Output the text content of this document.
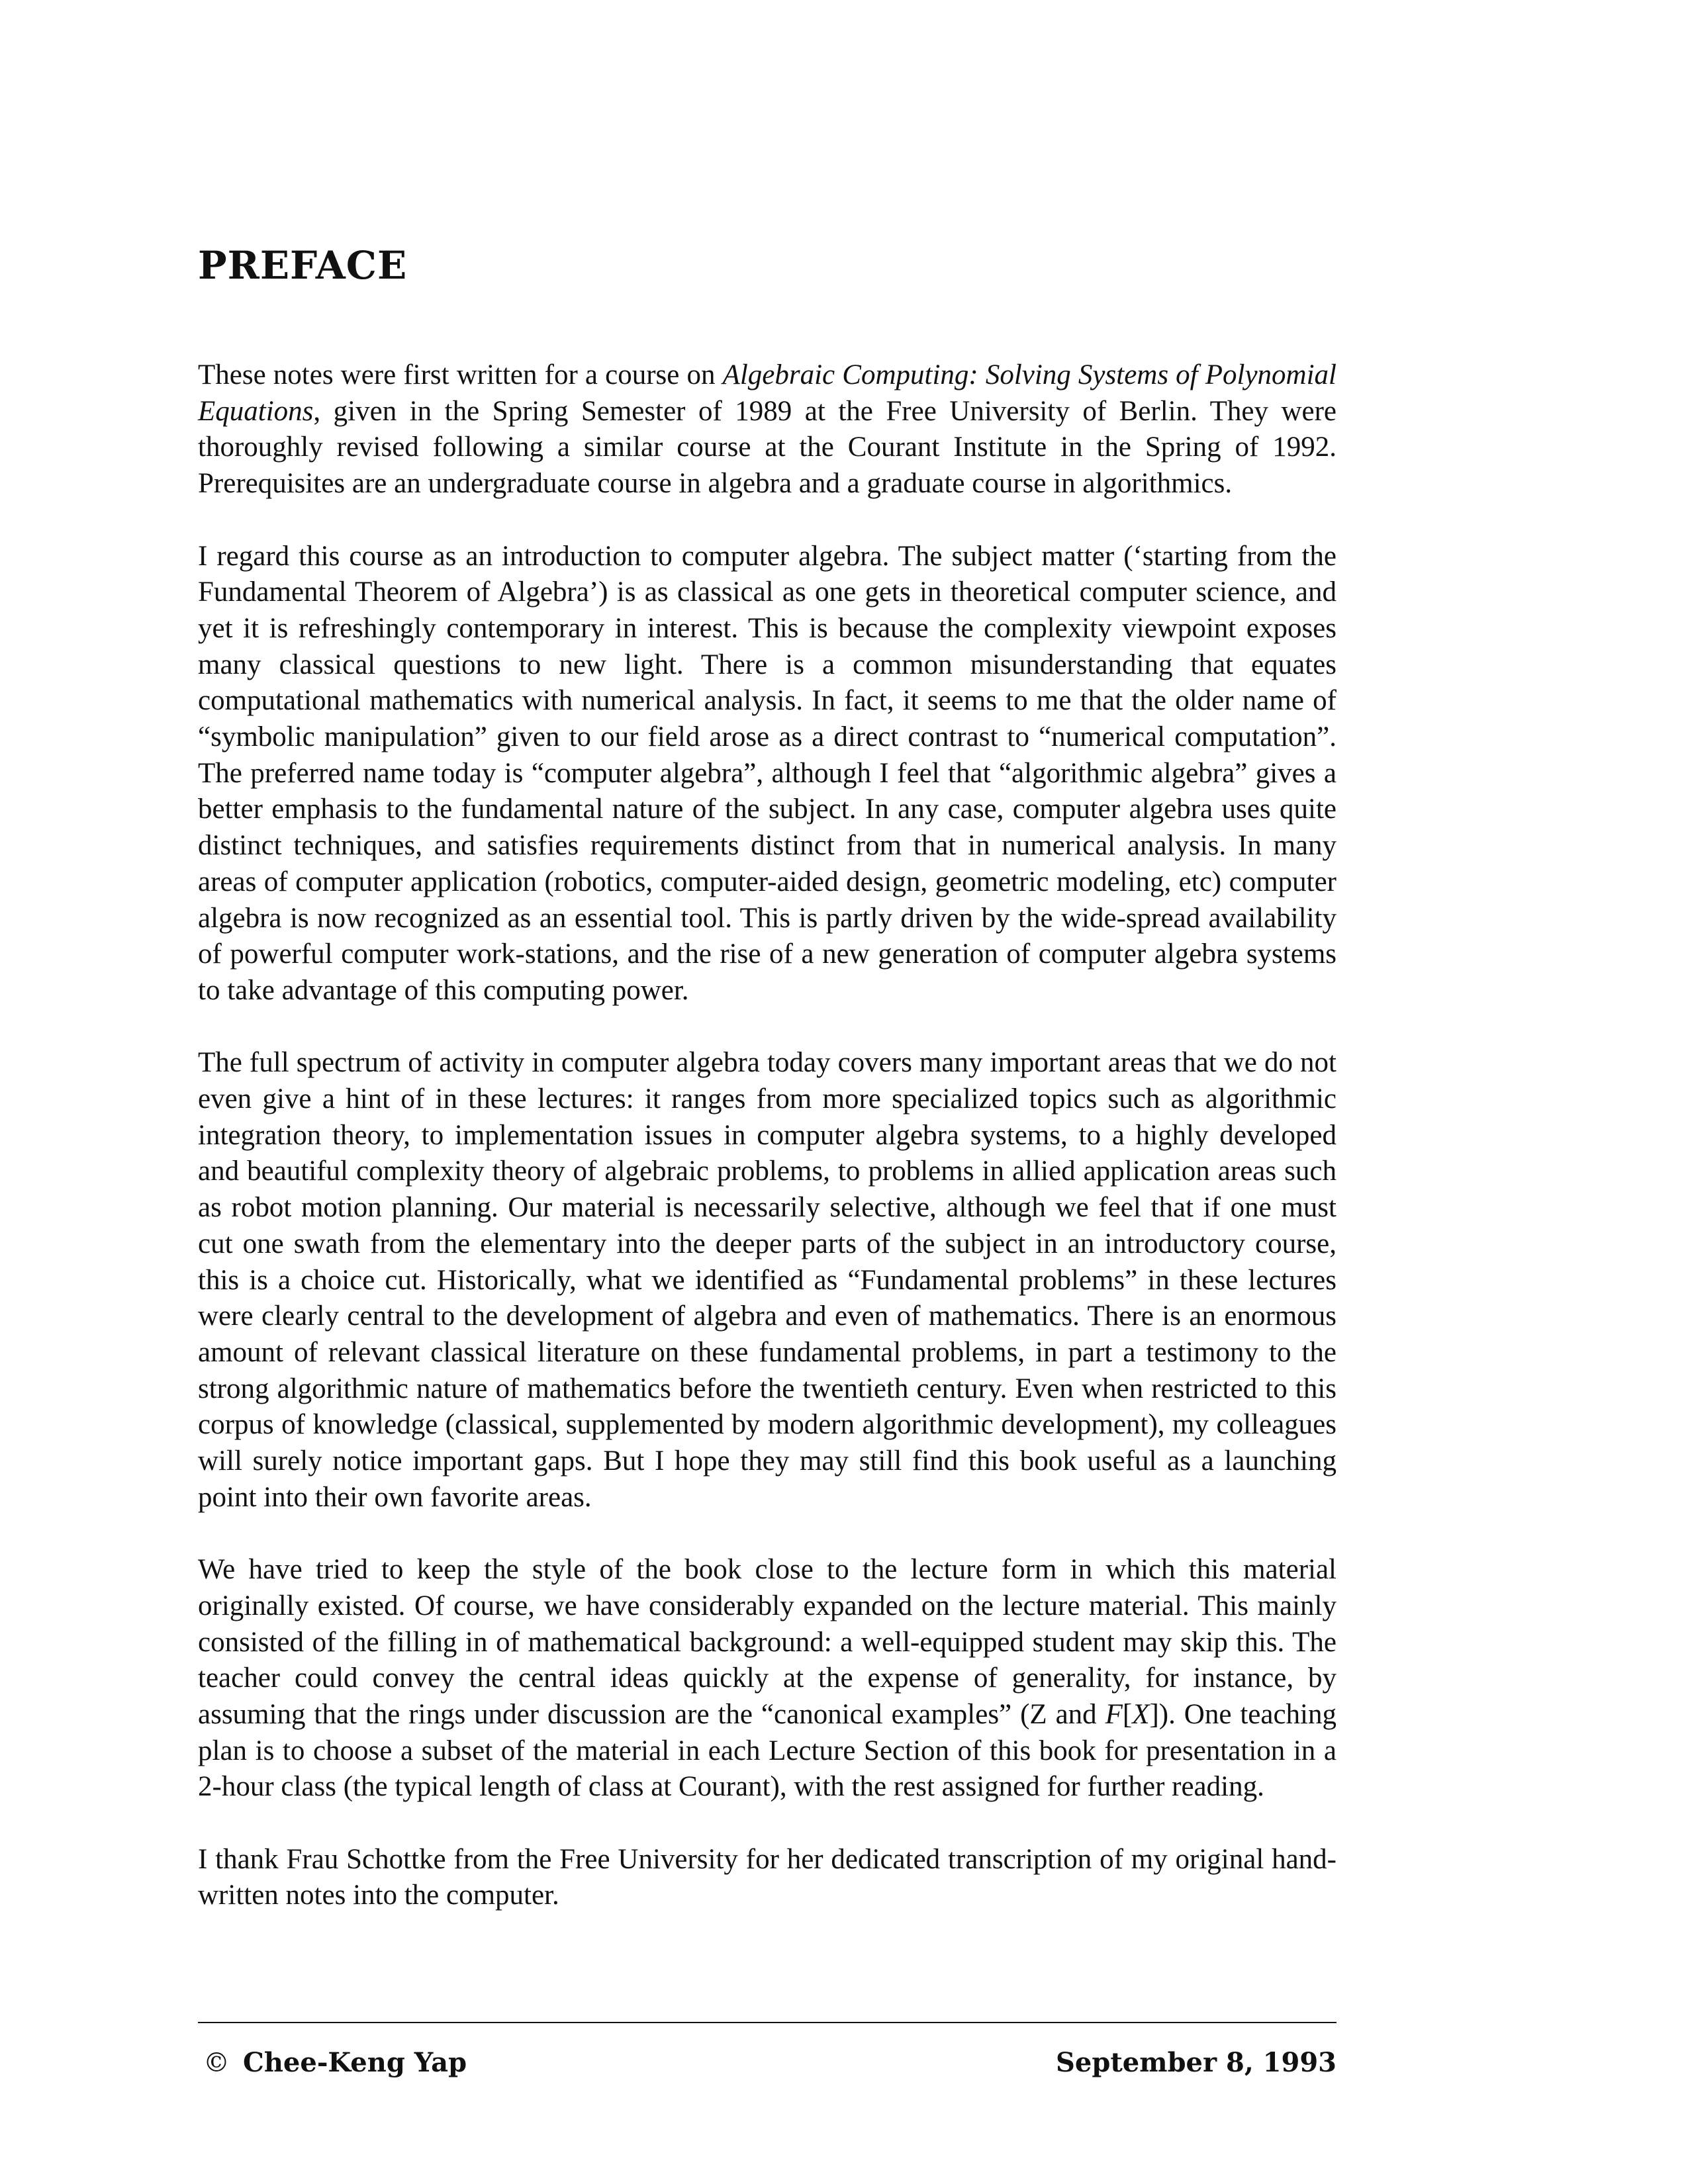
PREFACE

These notes were first written for a course on Algebraic Computing: Solving Systems of Polynomial Equations, given in the Spring Semester of 1989 at the Free University of Berlin. They were thoroughly revised following a similar course at the Courant Institute in the Spring of 1992. Prerequisites are an undergraduate course in algebra and a graduate course in algorithmics.

I regard this course as an introduction to computer algebra. The subject matter (‘starting from the Fundamental Theorem of Algebra’) is as classical as one gets in theoretical computer science, and yet it is refreshingly contemporary in interest. This is because the complexity viewpoint exposes many classical questions to new light. There is a common misunderstanding that equates computational mathematics with numerical analysis. In fact, it seems to me that the older name of “symbolic manipulation” given to our field arose as a direct contrast to “numerical computation”. The preferred name today is “computer algebra”, although I feel that “algorithmic algebra” gives a better emphasis to the fundamental nature of the subject. In any case, computer algebra uses quite distinct techniques, and satisfies requirements distinct from that in numerical analysis. In many areas of computer application (robotics, computer-aided design, geometric modeling, etc) computer algebra is now recognized as an essential tool. This is partly driven by the wide-spread availability of powerful computer work-stations, and the rise of a new generation of computer algebra systems to take advantage of this computing power.

The full spectrum of activity in computer algebra today covers many important areas that we do not even give a hint of in these lectures: it ranges from more specialized topics such as algorithmic integration theory, to implementation issues in computer algebra systems, to a highly developed and beautiful complexity theory of algebraic problems, to problems in allied application areas such as robot motion planning. Our material is necessarily selective, although we feel that if one must cut one swath from the elementary into the deeper parts of the subject in an introductory course, this is a choice cut. Historically, what we identified as “Fundamental problems” in these lectures were clearly central to the development of algebra and even of mathematics. There is an enormous amount of relevant classical literature on these fundamental problems, in part a testimony to the strong algorithmic nature of mathematics before the twentieth century. Even when restricted to this corpus of knowledge (classical, supplemented by modern algorithmic development), my colleagues will surely notice important gaps. But I hope they may still find this book useful as a launching point into their own favorite areas.

We have tried to keep the style of the book close to the lecture form in which this material originally existed. Of course, we have considerably expanded on the lecture material. This mainly consisted of the filling in of mathematical background: a well-equipped student may skip this. The teacher could convey the central ideas quickly at the expense of generality, for instance, by assuming that the rings under discussion are the “canonical examples” (Z and F[X]). One teaching plan is to choose a subset of the material in each Lecture Section of this book for presentation in a 2-hour class (the typical length of class at Courant), with the rest assigned for further reading.

I thank Frau Schottke from the Free University for her dedicated transcription of my original hand-written notes into the computer.

© Chee-Keng Yap	September 8, 1993
